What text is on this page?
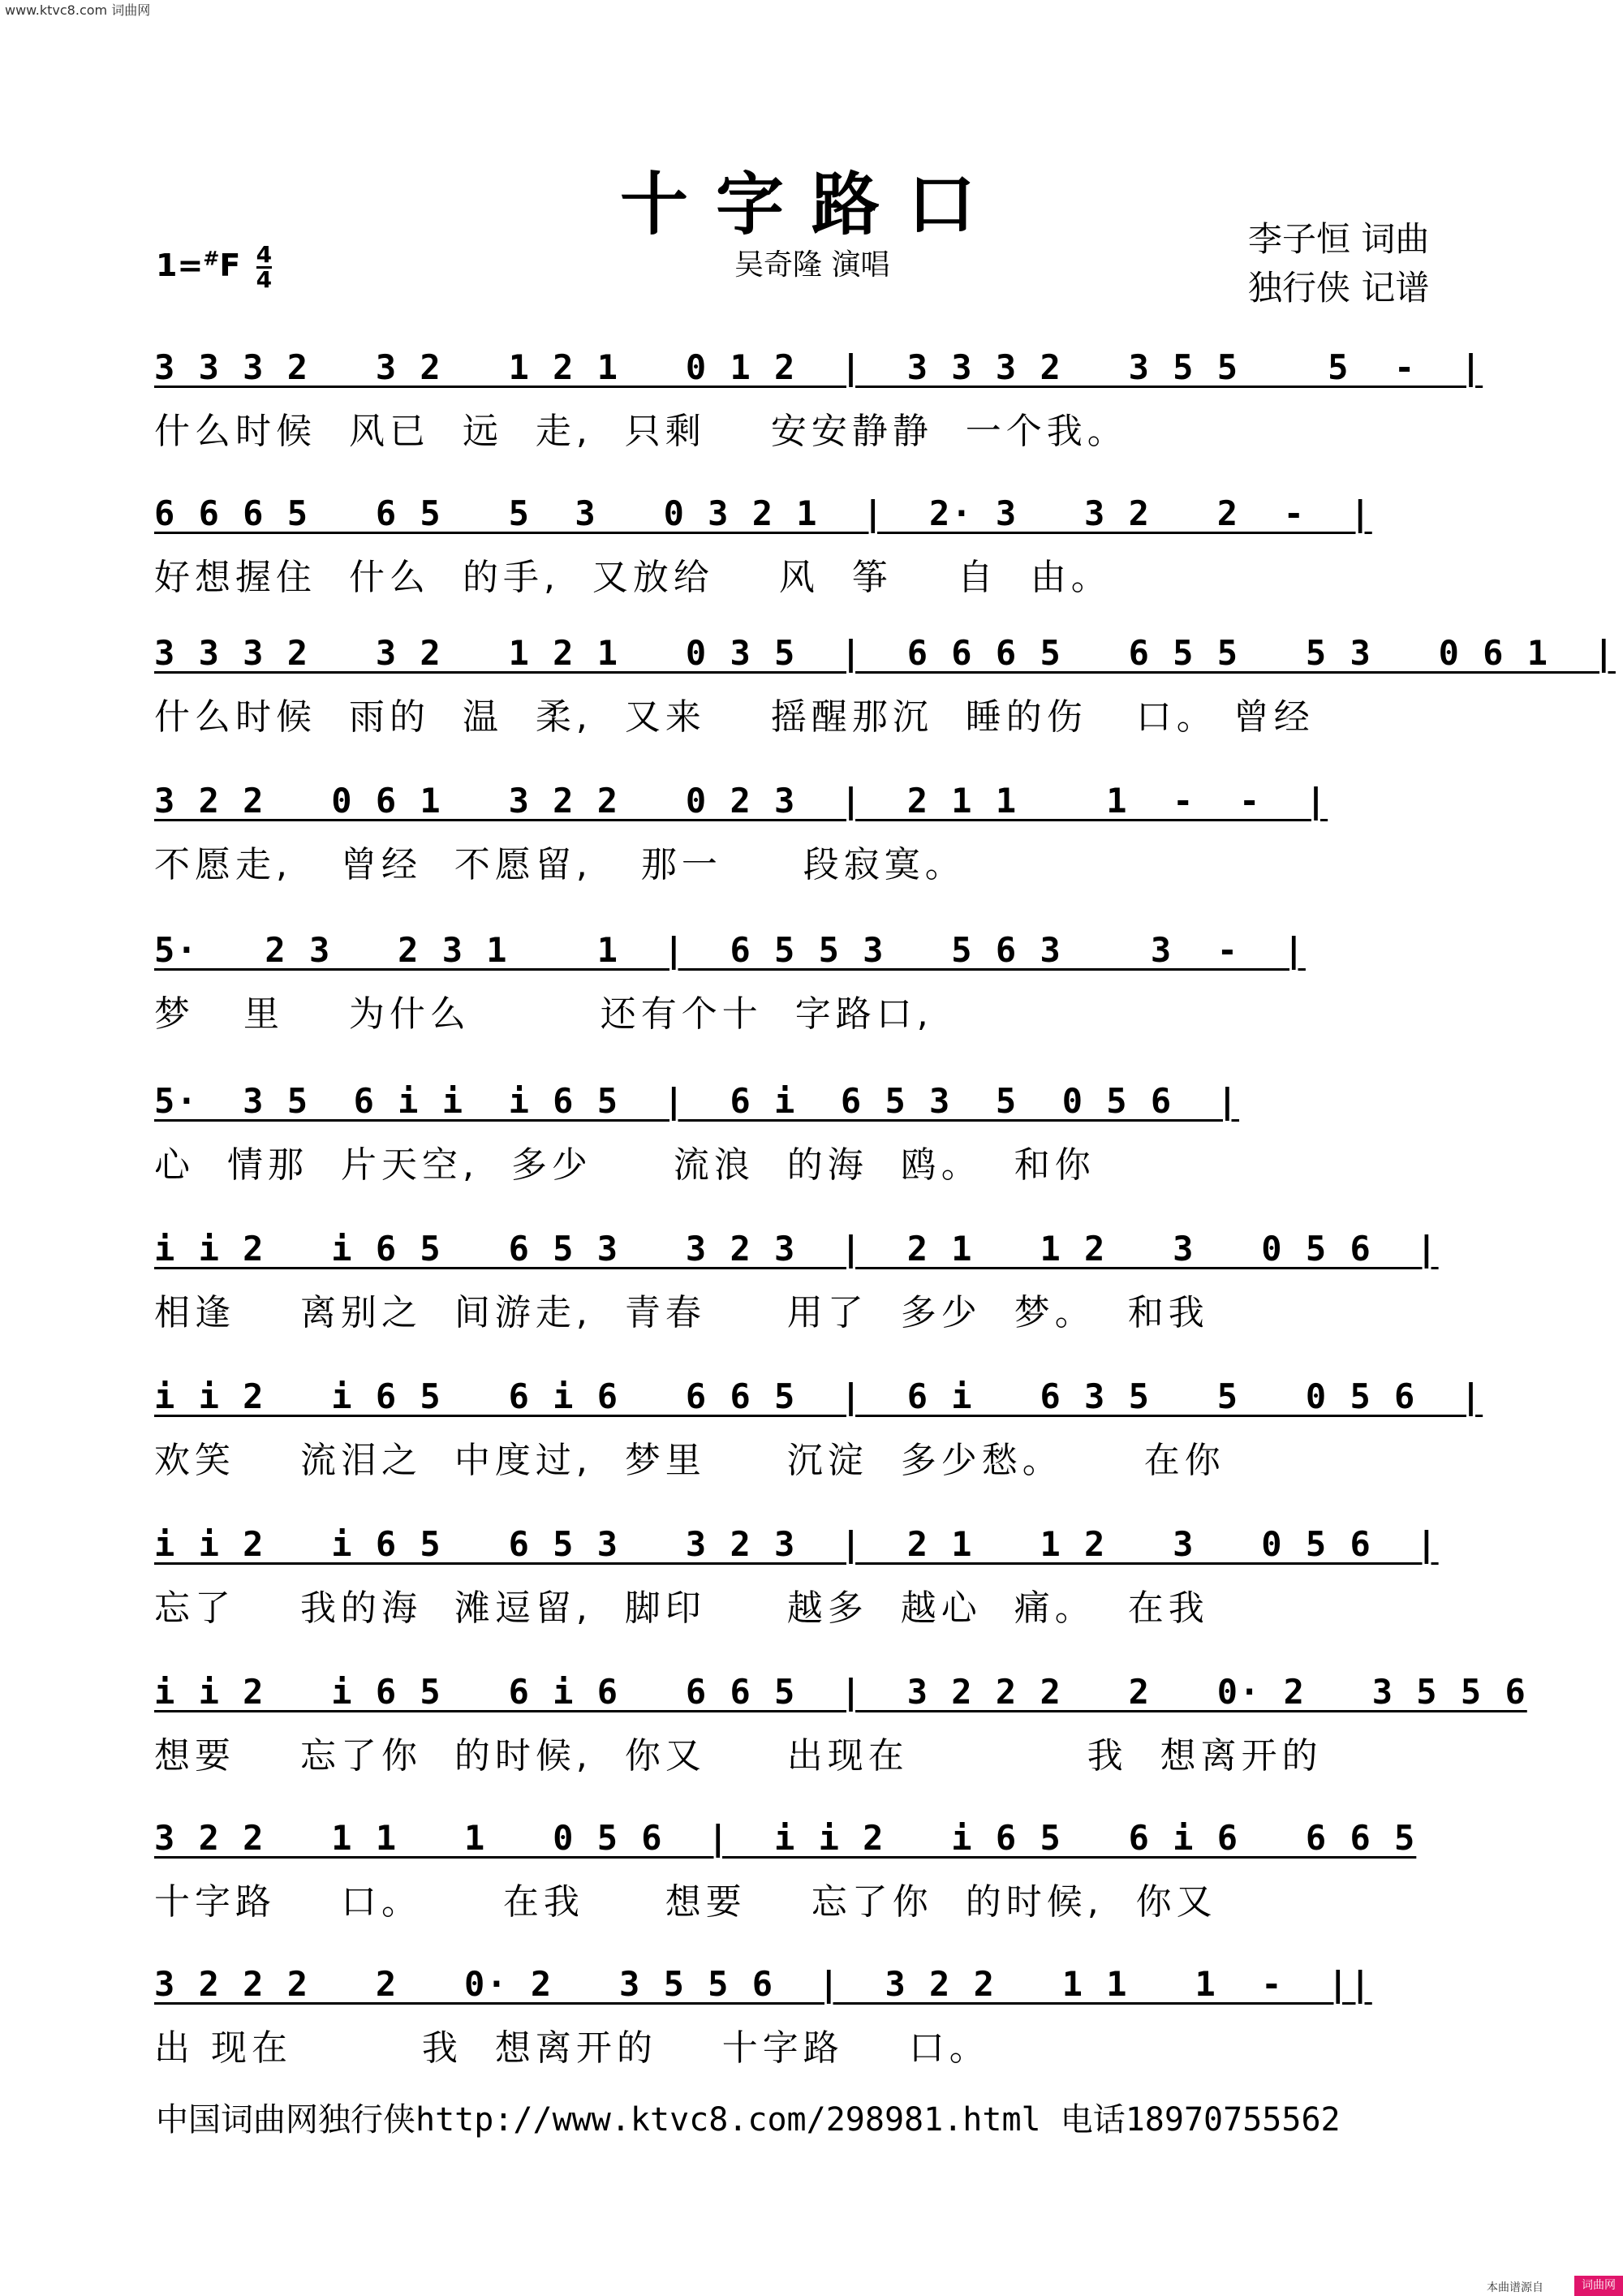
www.ktvc8.com 词曲网
十字路口
吴奇隆 演唱
李子恒 词曲
独行侠 记谱
$1=^{\#}F \frac{4}{4}$
3 3 3 2   3 2   1 2 1   0 1 2  |  3 3 3 2   3 5 5    5  -  |
什么时候  风已  远  走,  只剩    安安静静  一个我。
6 6 6 5   6 5   5  3   0 3 2 1  |  2· 3   3 2   2  -  |
好想握住  什么  的手,  又放给    风  筝    自  由。
3 3 3 2   3 2   1 2 1   0 3 5  |  6 6 6 5   6 5 5   5 3   0 6 1  |
什么时候  雨的  温  柔,  又来    摇醒那沉  睡的伤   口。 曾经
3 2 2   0 6 1   3 2 2   0 2 3  |  2 1 1    1  -  -  |
不愿走,   曾经  不愿留,   那一     段寂寞。
5·   2 3   2 3 1    1  |  6 5 5 3   5 6 3    3  -  |
梦   里    为什么        还有个十  字路口,
5·  3 5  6 i i  i 6 5  |  6 i  6 5 3  5  0 5 6  |
心  情那  片天空,  多少     流浪  的海  鸥。  和你
i i 2   i 6 5   6 5 3   3 2 3  |  2 1   1 2   3   0 5 6  |
相逢    离别之  间游走,  青春     用了  多少  梦。  和我
i i 2   i 6 5   6 i 6   6 6 5  |  6 i   6 3 5   5   0 5 6  |
欢笑    流泪之  中度过,  梦里     沉淀  多少愁。     在你
i i 2   i 6 5   6 5 3   3 2 3  |  2 1   1 2   3   0 5 6  |
忘了    我的海  滩逗留,  脚印     越多  越心  痛。  在我
i i 2   i 6 5   6 i 6   6 6 5  |  3 2 2 2   2   0· 2   3 5 5 6
想要    忘了你  的时候,  你又     出现在           我  想离开的
3 2 2   1 1   1   0 5 6  |  i i 2   i 6 5   6 i 6   6 6 5
十字路    口。     在我     想要    忘了你  的时候,  你又
3 2 2 2   2   0· 2   3 5 5 6  |  3 2 2   1 1   1  -  ||
出 现在        我  想离开的    十字路    口。
中国词曲网独行侠http://www.ktvc8.com/298981.html 电话18970755562
本曲谱源自	词曲网
